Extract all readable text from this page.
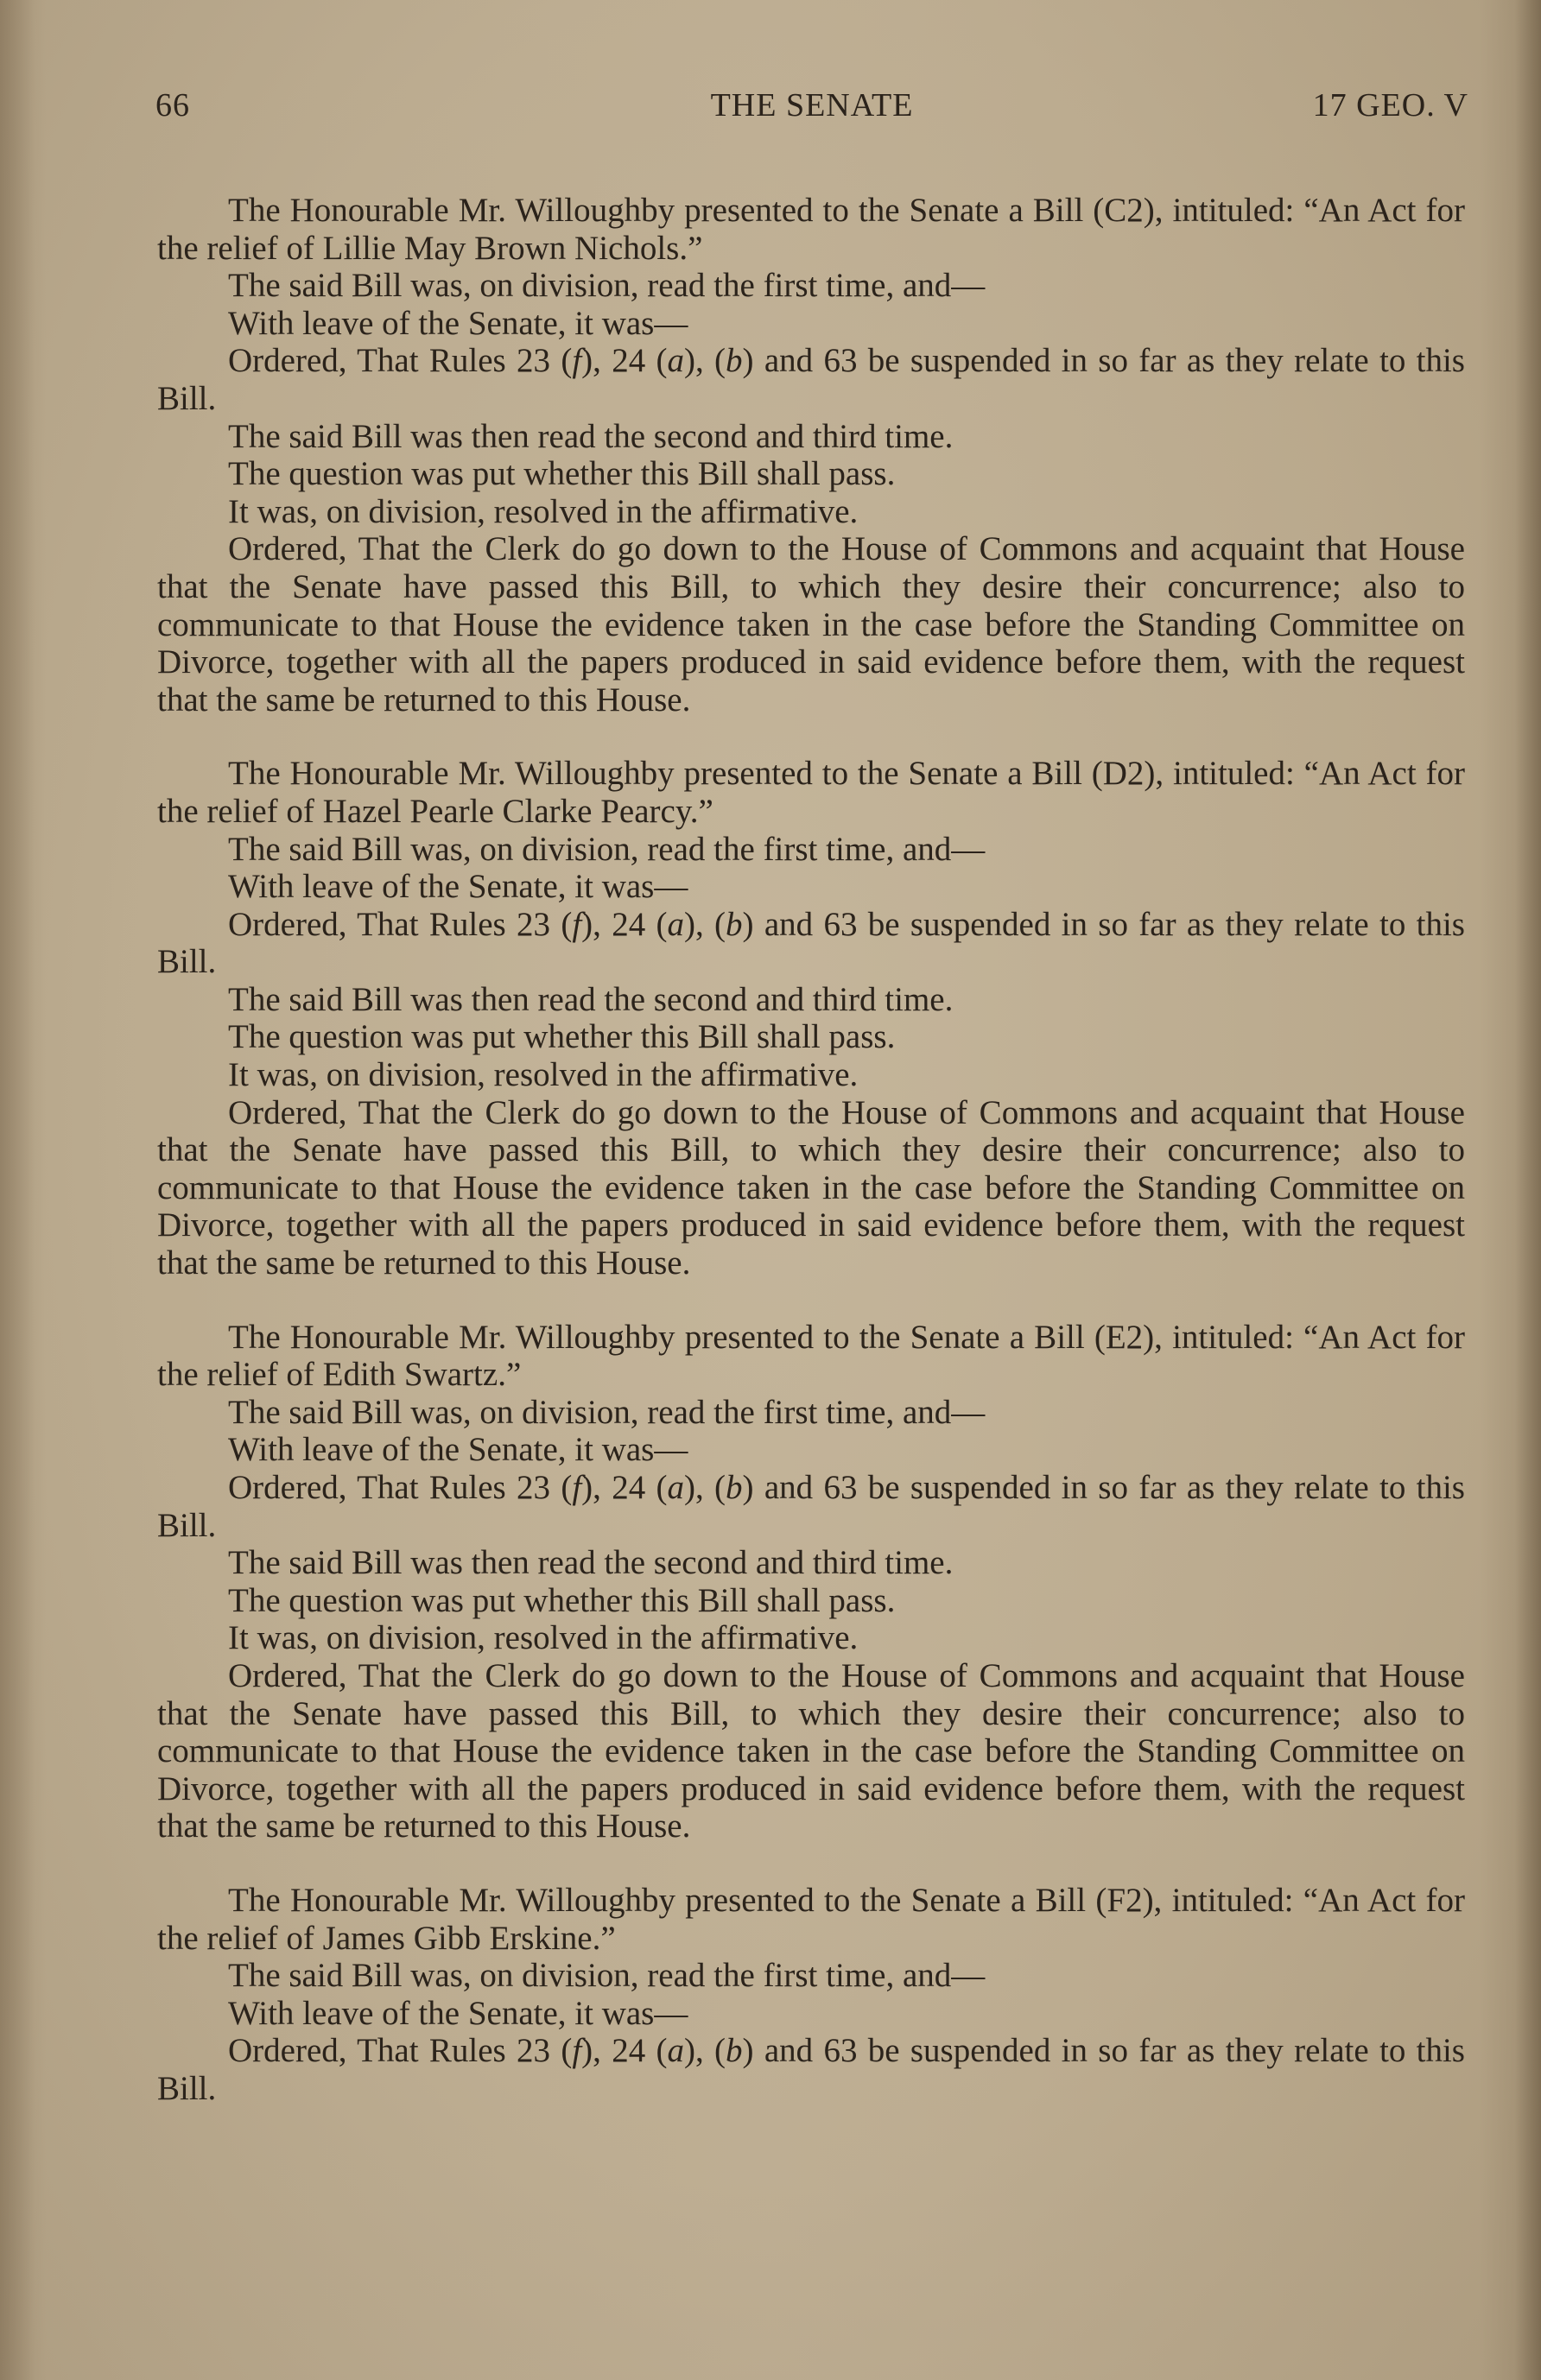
66	THE SENATE	17 GEO. V

The Honourable Mr. Willoughby presented to the Senate a Bill (C2), intituled: “An Act for the relief of Lillie May Brown Nichols.”

The said Bill was, on division, read the first time, and—

With leave of the Senate, it was—

Ordered, That Rules 23 (f), 24 (a), (b) and 63 be suspended in so far as they relate to this Bill.

The said Bill was then read the second and third time.

The question was put whether this Bill shall pass.

It was, on division, resolved in the affirmative.

Ordered, That the Clerk do go down to the House of Commons and acquaint that House that the Senate have passed this Bill, to which they desire their concurrence; also to communicate to that House the evidence taken in the case before the Standing Committee on Divorce, together with all the papers produced in said evidence before them, with the request that the same be returned to this House.

The Honourable Mr. Willoughby presented to the Senate a Bill (D2), intituled: “An Act for the relief of Hazel Pearle Clarke Pearcy.”

The said Bill was, on division, read the first time, and—

With leave of the Senate, it was—

Ordered, That Rules 23 (f), 24 (a), (b) and 63 be suspended in so far as they relate to this Bill.

The said Bill was then read the second and third time.

The question was put whether this Bill shall pass.

It was, on division, resolved in the affirmative.

Ordered, That the Clerk do go down to the House of Commons and acquaint that House that the Senate have passed this Bill, to which they desire their concurrence; also to communicate to that House the evidence taken in the case before the Standing Committee on Divorce, together with all the papers produced in said evidence before them, with the request that the same be returned to this House.

The Honourable Mr. Willoughby presented to the Senate a Bill (E2), intituled: “An Act for the relief of Edith Swartz.”

The said Bill was, on division, read the first time, and—

With leave of the Senate, it was—

Ordered, That Rules 23 (f), 24 (a), (b) and 63 be suspended in so far as they relate to this Bill.

The said Bill was then read the second and third time.

The question was put whether this Bill shall pass.

It was, on division, resolved in the affirmative.

Ordered, That the Clerk do go down to the House of Commons and acquaint that House that the Senate have passed this Bill, to which they desire their concurrence; also to communicate to that House the evidence taken in the case before the Standing Committee on Divorce, together with all the papers produced in said evidence before them, with the request that the same be returned to this House.

The Honourable Mr. Willoughby presented to the Senate a Bill (F2), intituled: “An Act for the relief of James Gibb Erskine.”

The said Bill was, on division, read the first time, and—

With leave of the Senate, it was—

Ordered, That Rules 23 (f), 24 (a), (b) and 63 be suspended in so far as they relate to this Bill.
